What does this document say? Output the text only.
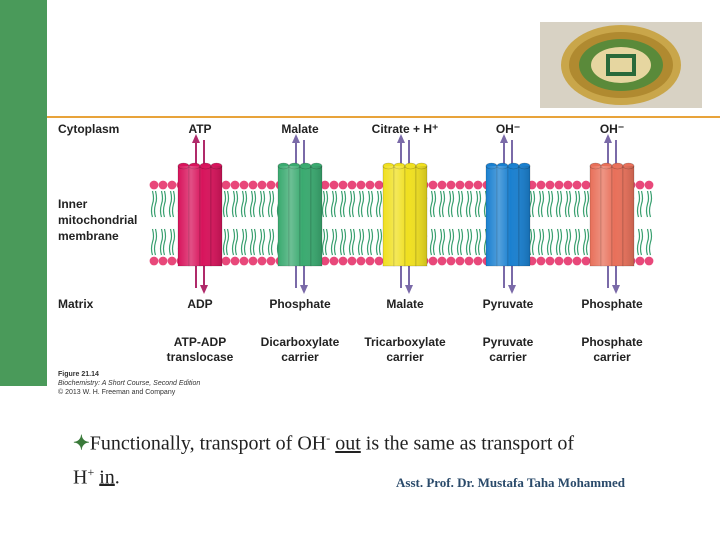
Cytoplasm
Inner
mitochondrial
membrane
Matrix
ATP	Malate	Citrate + H⁺	OH⁻	OH⁻
ADP	Phosphate	Malate	Pyruvate	Phosphate
ATP-ADP
translocase
Dicarboxylate
carrier
Tricarboxylate
carrier
Pyruvate
carrier
Phosphate
carrier
Figure 21.14
Biochemistry: A Short Course, Second Edition
© 2013 W. H. Freeman and Company
✦Functionally, transport of OH- out is the same as transport of H+ in.	Asst. Prof. Dr. Mustafa Taha Mohammed
